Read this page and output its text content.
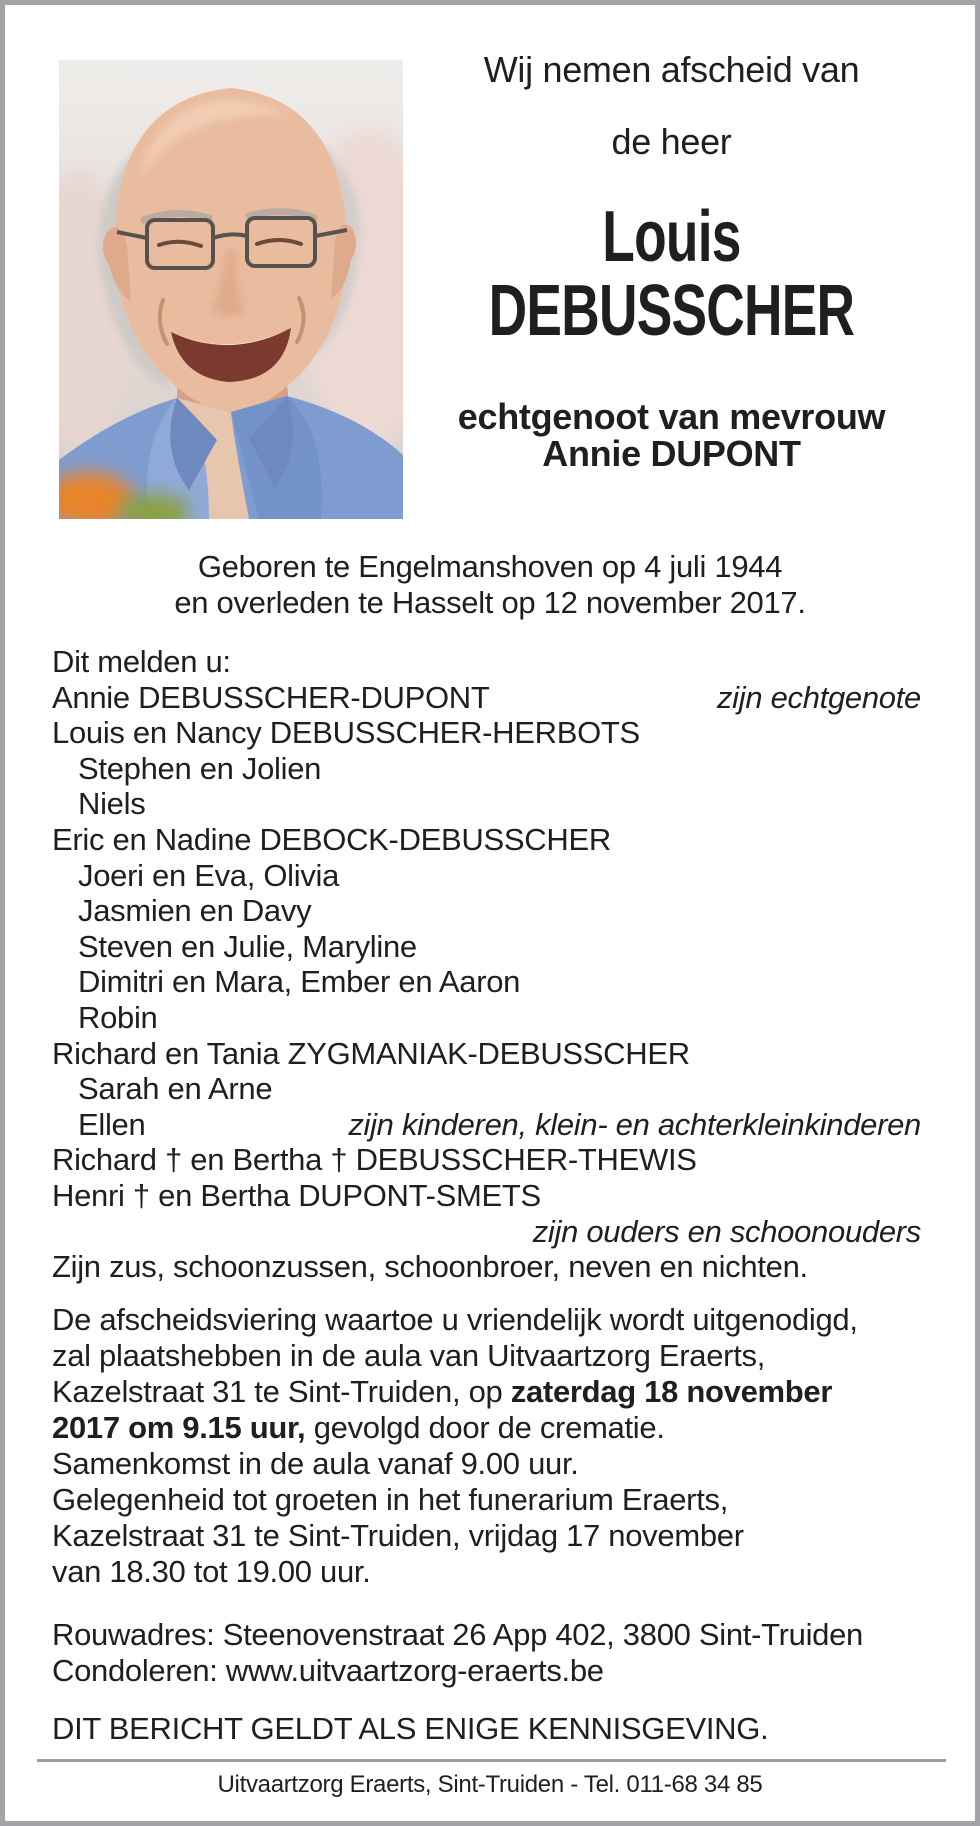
Wij nemen afscheid van
de heer
Louis
DEBUSSCHER
echtgenoot van mevrouw
Annie DUPONT
Geboren te Engelmanshoven op 4 juli 1944
en overleden te Hasselt op 12 november 2017.
Dit melden u:
Annie DEBUSSCHER-DUPONT	zijn echtgenote
Louis en Nancy DEBUSSCHER-HERBOTS
Stephen en Jolien
Niels
Eric en Nadine DEBOCK-DEBUSSCHER
Joeri en Eva, Olivia
Jasmien en Davy
Steven en Julie, Maryline
Dimitri en Mara, Ember en Aaron
Robin
Richard en Tania ZYGMANIAK-DEBUSSCHER
Sarah en Arne
Ellen	zijn kinderen, klein- en achterkleinkinderen
Richard † en Bertha † DEBUSSCHER-THEWIS
Henri † en Bertha DUPONT-SMETS
zijn ouders en schoonouders
Zijn zus, schoonzussen, schoonbroer, neven en nichten.
De afscheidsviering waartoe u vriendelijk wordt uitgenodigd,
zal plaatshebben in de aula van Uitvaartzorg Eraerts,
Kazelstraat 31 te Sint-Truiden, op zaterdag 18 november
2017 om 9.15 uur, gevolgd door de crematie.
Samenkomst in de aula vanaf 9.00 uur.
Gelegenheid tot groeten in het funerarium Eraerts,
Kazelstraat 31 te Sint-Truiden, vrijdag 17 november
van 18.30 tot 19.00 uur.
Rouwadres: Steenovenstraat 26 App 402, 3800 Sint-Truiden
Condoleren: www.uitvaartzorg-eraerts.be
DIT BERICHT GELDT ALS ENIGE KENNISGEVING.
Uitvaartzorg Eraerts, Sint-Truiden - Tel. 011-68 34 85
